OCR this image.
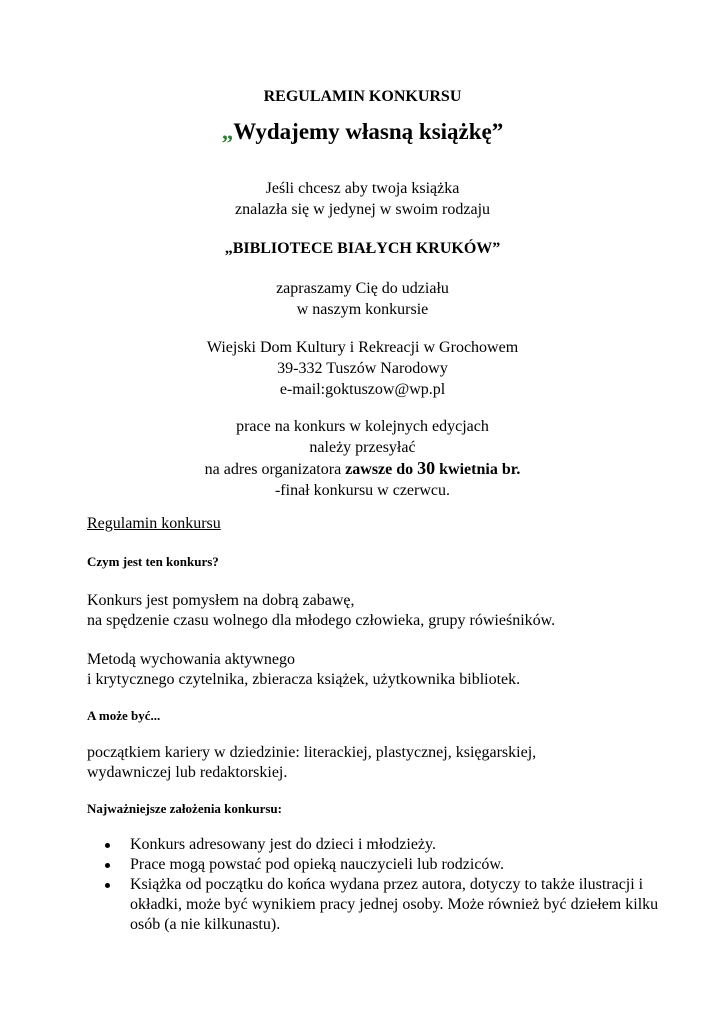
REGULAMIN KONKURSU
„Wydajemy własną książkę”
Jeśli chcesz aby twoja książka
znalazła się w jedynej w swoim rodzaju
„BIBLIOTECE BIAŁYCH KRUKÓW”
zapraszamy Cię do udziału
w naszym konkursie
Wiejski Dom Kultury i Rekreacji w Grochowem
39-332 Tuszów Narodowy
e-mail:goktuszow@wp.pl
prace na konkurs w kolejnych edycjach
należy przesyłać
na adres organizatora zawsze do 30 kwietnia br.
-finał konkursu w czerwcu.
Regulamin konkursu
Czym jest ten konkurs?
Konkurs jest pomysłem na dobrą zabawę,
na spędzenie czasu wolnego dla młodego człowieka, grupy rówieśników.
Metodą wychowania aktywnego
i krytycznego czytelnika, zbieracza książek, użytkownika bibliotek.
A może być...
początkiem kariery w dziedzinie: literackiej, plastycznej, księgarskiej,
wydawniczej lub redaktorskiej.
Najważniejsze założenia konkursu:
Konkurs adresowany jest do dzieci i młodzieży.
Prace mogą powstać pod opieką nauczycieli lub rodziców.
Książka od początku do końca wydana przez autora, dotyczy to także ilustracji i okładki, może być wynikiem pracy jednej osoby. Może również być dziełem kilku osób (a nie kilkunastu).
